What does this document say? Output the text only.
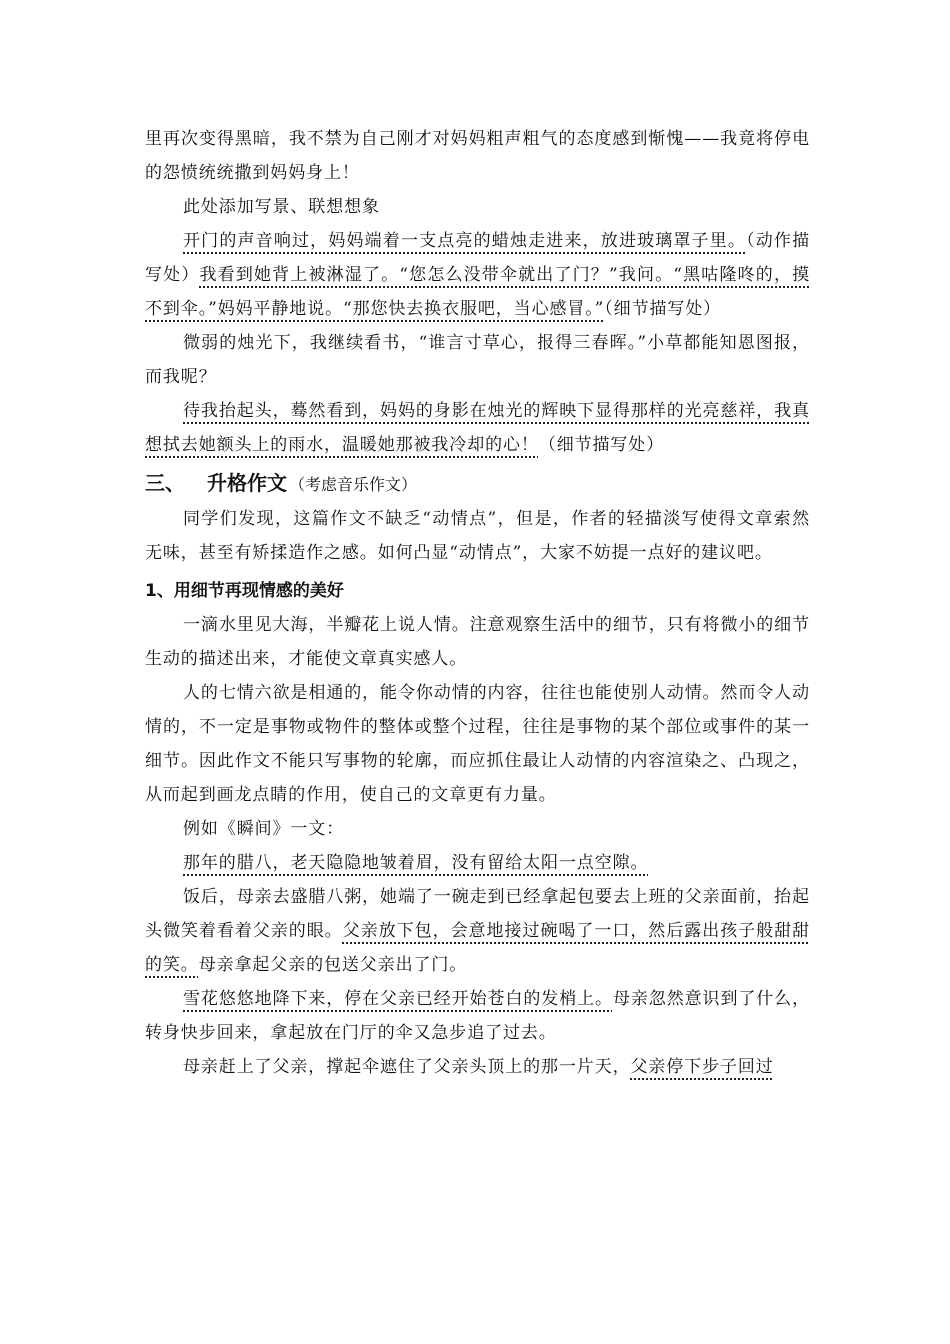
里再次变得黑暗，我不禁为自己刚才对妈妈粗声粗气的态度感到惭愧——我竟将停电的怨愤统统撒到妈妈身上！

此处添加写景、联想想象

开门的声音响过，妈妈端着一支点亮的蜡烛走进来，放进玻璃罩子里。（动作描写处）我看到她背上被淋湿了。“您怎么没带伞就出了门？”我问。“黑咕隆咚的，摸不到伞。”妈妈平静地说。“那您快去换衣服吧，当心感冒。”（细节描写处）

微弱的烛光下，我继续看书，“谁言寸草心，报得三春晖。”小草都能知恩图报，而我呢？

待我抬起头，蓦然看到，妈妈的身影在烛光的辉映下显得那样的光亮慈祥，我真想拭去她额头上的雨水，温暖她那被我冷却的心！（细节描写处）

三、	升格作文 （考虑音乐作文）

同学们发现，这篇作文不缺乏“动情点”，但是，作者的轻描淡写使得文章索然无味，甚至有矫揉造作之感。如何凸显“动情点”，大家不妨提一点好的建议吧。

1、用细节再现情感的美好

一滴水里见大海，半瓣花上说人情。注意观察生活中的细节，只有将微小的细节生动的描述出来，才能使文章真实感人。

人的七情六欲是相通的，能令你动情的内容，往往也能使别人动情。然而令人动情的，不一定是事物或物件的整体或整个过程，往往是事物的某个部位或事件的某一细节。因此作文不能只写事物的轮廓，而应抓住最让人动情的内容渲染之、凸现之，从而起到画龙点睛的作用，使自己的文章更有力量。

例如《瞬间》一文：

那年的腊八，老天隐隐地皱着眉，没有留给太阳一点空隙。

饭后，母亲去盛腊八粥，她端了一碗走到已经拿起包要去上班的父亲面前，抬起头微笑着看着父亲的眼。父亲放下包，会意地接过碗喝了一口，然后露出孩子般甜甜的笑。母亲拿起父亲的包送父亲出了门。

雪花悠悠地降下来，停在父亲已经开始苍白的发梢上。母亲忽然意识到了什么，转身快步回来，拿起放在门厅的伞又急步追了过去。

母亲赶上了父亲，撑起伞遮住了父亲头顶上的那一片天，父亲停下步子回过
